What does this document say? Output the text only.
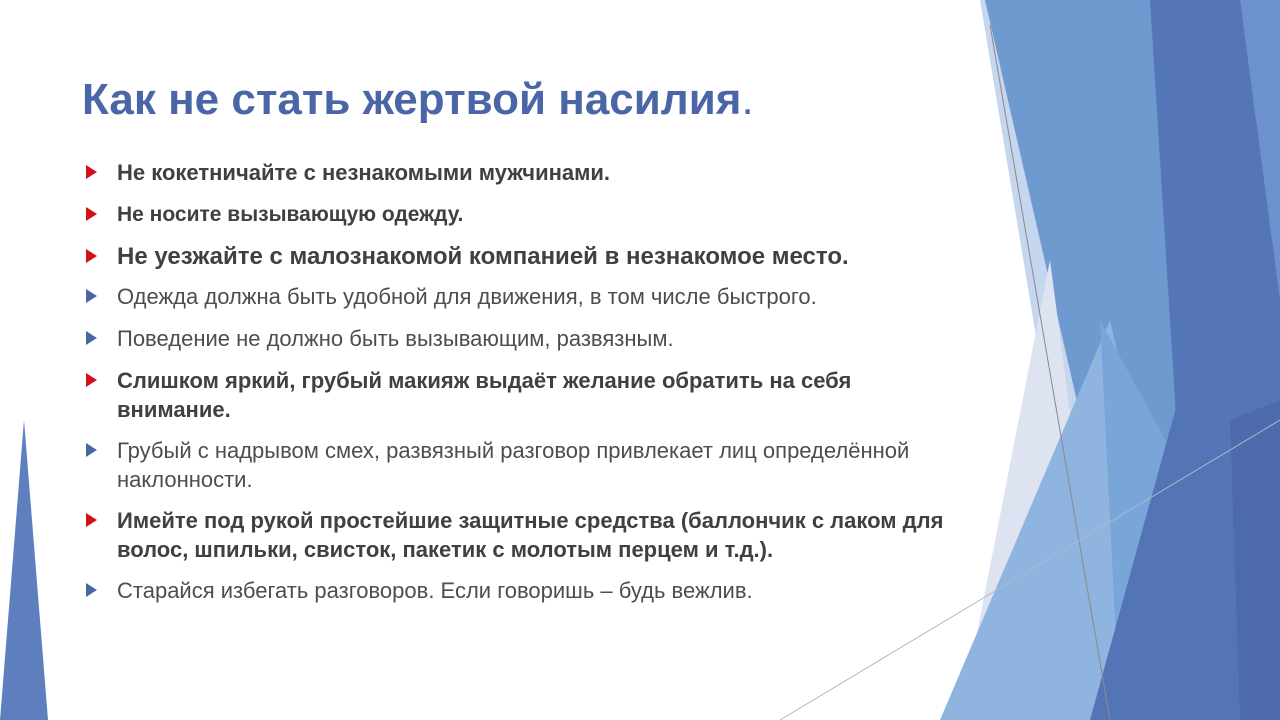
Как не стать жертвой насилия.
Не кокетничайте с незнакомыми мужчинами.
Не носите вызывающую одежду.
Не уезжайте с малознакомой компанией в незнакомое место.
Одежда должна быть удобной для движения, в том числе быстрого.
Поведение не должно быть вызывающим, развязным.
Слишком яркий, грубый макияж выдаёт желание обратить на себя внимание.
Грубый с надрывом смех, развязный разговор привлекает лиц определённой наклонности.
Имейте под рукой простейшие защитные средства (баллончик с лаком для волос, шпильки, свисток, пакетик с молотым перцем и т.д.).
Старайся избегать разговоров. Если говоришь – будь вежлив.
